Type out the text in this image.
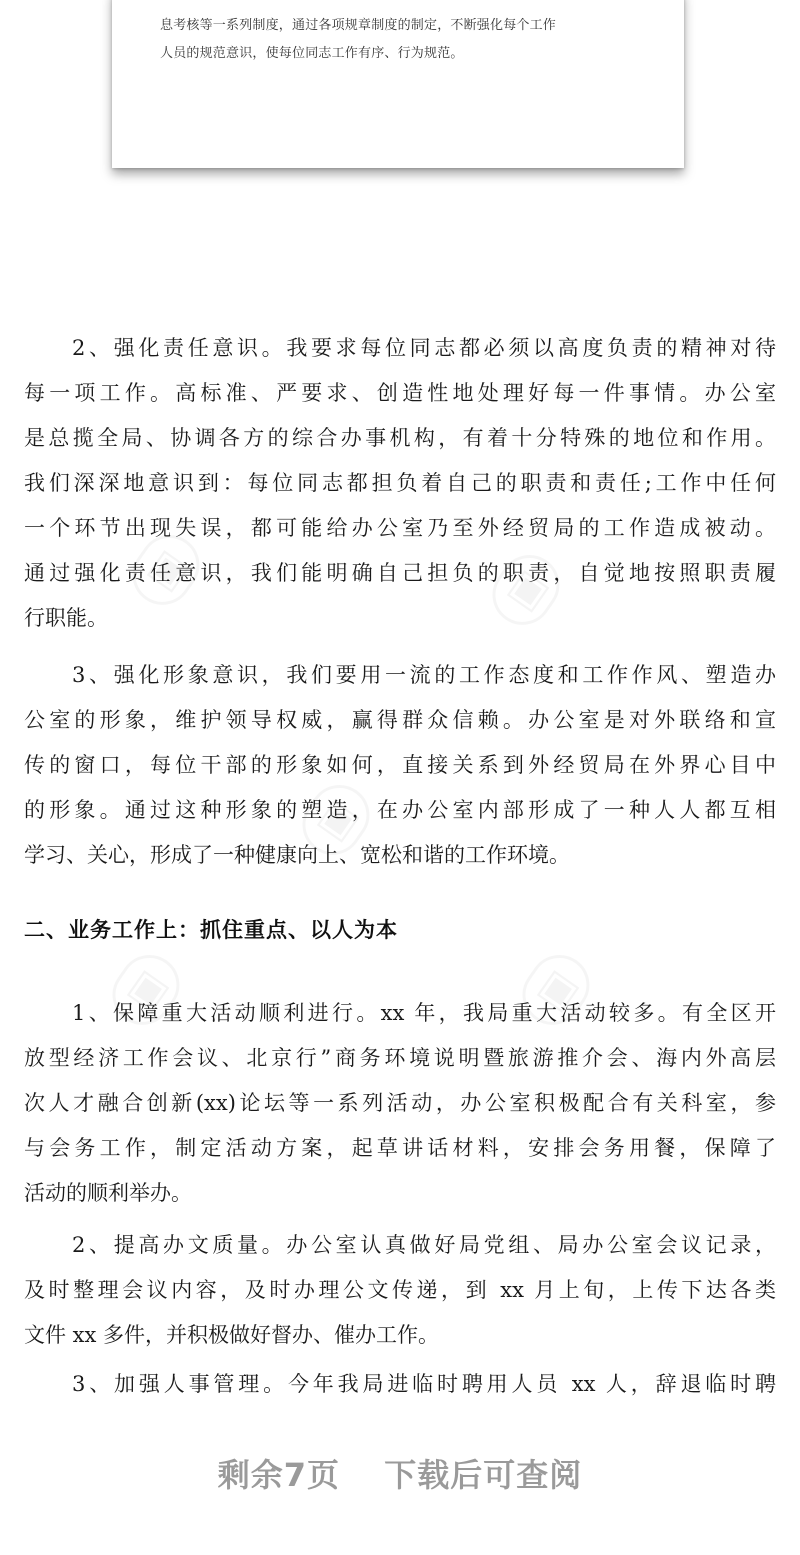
息考核等一系列制度，通过各项规章制度的制定，不断强化每个工作
人员的规范意识，使每位同志工作有序、行为规范。
2、强化责任意识。我要求每位同志都必须以高度负责的精神对待
每一项工作。高标准、严要求、创造性地处理好每一件事情。办公室
是总揽全局、协调各方的综合办事机构，有着十分特殊的地位和作用。
我们深深地意识到：每位同志都担负着自己的职责和责任;工作中任何
一个环节出现失误，都可能给办公室乃至外经贸局的工作造成被动。
通过强化责任意识，我们能明确自己担负的职责，自觉地按照职责履
行职能。
3、强化形象意识，我们要用一流的工作态度和工作作风、塑造办
公室的形象，维护领导权威，赢得群众信赖。办公室是对外联络和宣
传的窗口，每位干部的形象如何，直接关系到外经贸局在外界心目中
的形象。通过这种形象的塑造，在办公室内部形成了一种人人都互相
学习、关心，形成了一种健康向上、宽松和谐的工作环境。
二、业务工作上：抓住重点、以人为本
1、保障重大活动顺利进行。xx 年，我局重大活动较多。有全区开
放型经济工作会议、北京行”商务环境说明暨旅游推介会、海内外高层
次人才融合创新(xx)论坛等一系列活动，办公室积极配合有关科室，参
与会务工作，制定活动方案，起草讲话材料，安排会务用餐，保障了
活动的顺利举办。
2、提高办文质量。办公室认真做好局党组、局办公室会议记录，
及时整理会议内容，及时办理公文传递，到 xx 月上旬，上传下达各类
文件 xx 多件，并积极做好督办、催办工作。
3、加强人事管理。今年我局进临时聘用人员 xx 人，辞退临时聘
剩余7页 下载后可查阅
